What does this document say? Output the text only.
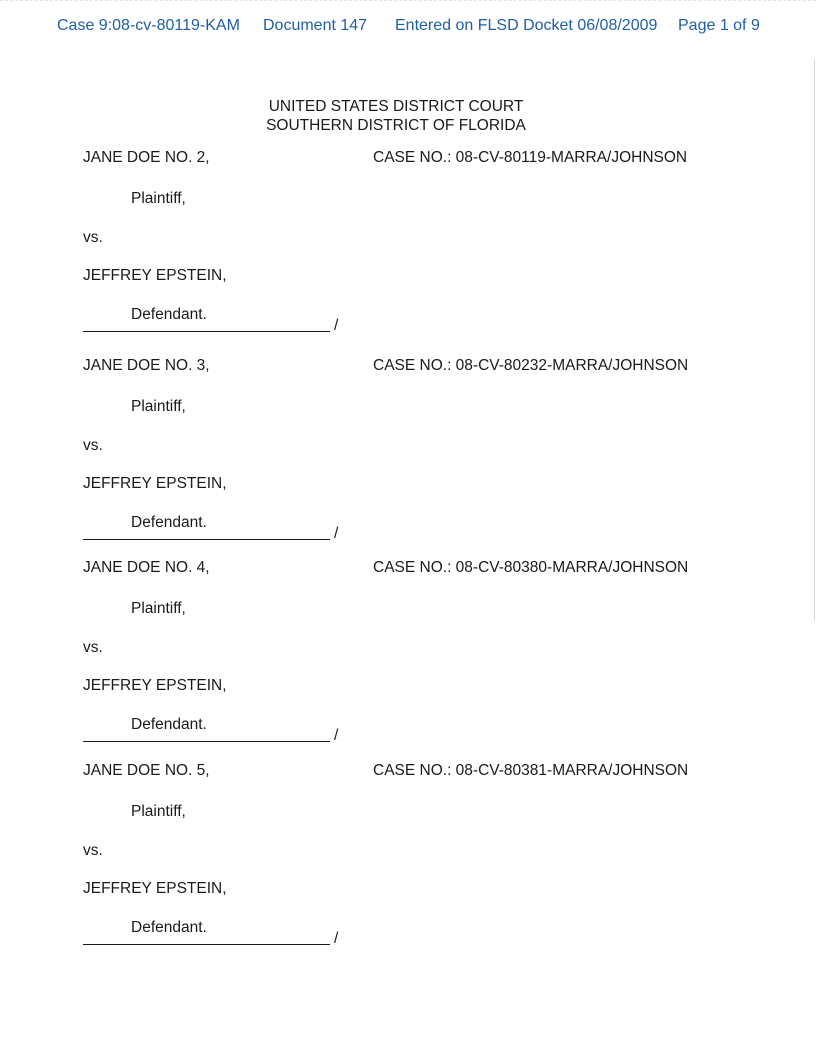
Case 9:08-cv-80119-KAM Document 147 Entered on FLSD Docket 06/08/2009 Page 1 of 9
UNITED STATES DISTRICT COURT
SOUTHERN DISTRICT OF FLORIDA
JANE DOE NO. 2,	CASE NO.: 08-CV-80119-MARRA/JOHNSON
Plaintiff,
vs.
JEFFREY EPSTEIN,
Defendant.
/
JANE DOE NO. 3,	CASE NO.: 08-CV-80232-MARRA/JOHNSON
Plaintiff,
vs.
JEFFREY EPSTEIN,
Defendant.
/
JANE DOE NO. 4,	CASE NO.: 08-CV-80380-MARRA/JOHNSON
Plaintiff,
vs.
JEFFREY EPSTEIN,
Defendant.
/
JANE DOE NO. 5,	CASE NO.: 08-CV-80381-MARRA/JOHNSON
Plaintiff,
vs.
JEFFREY EPSTEIN,
Defendant.
/
